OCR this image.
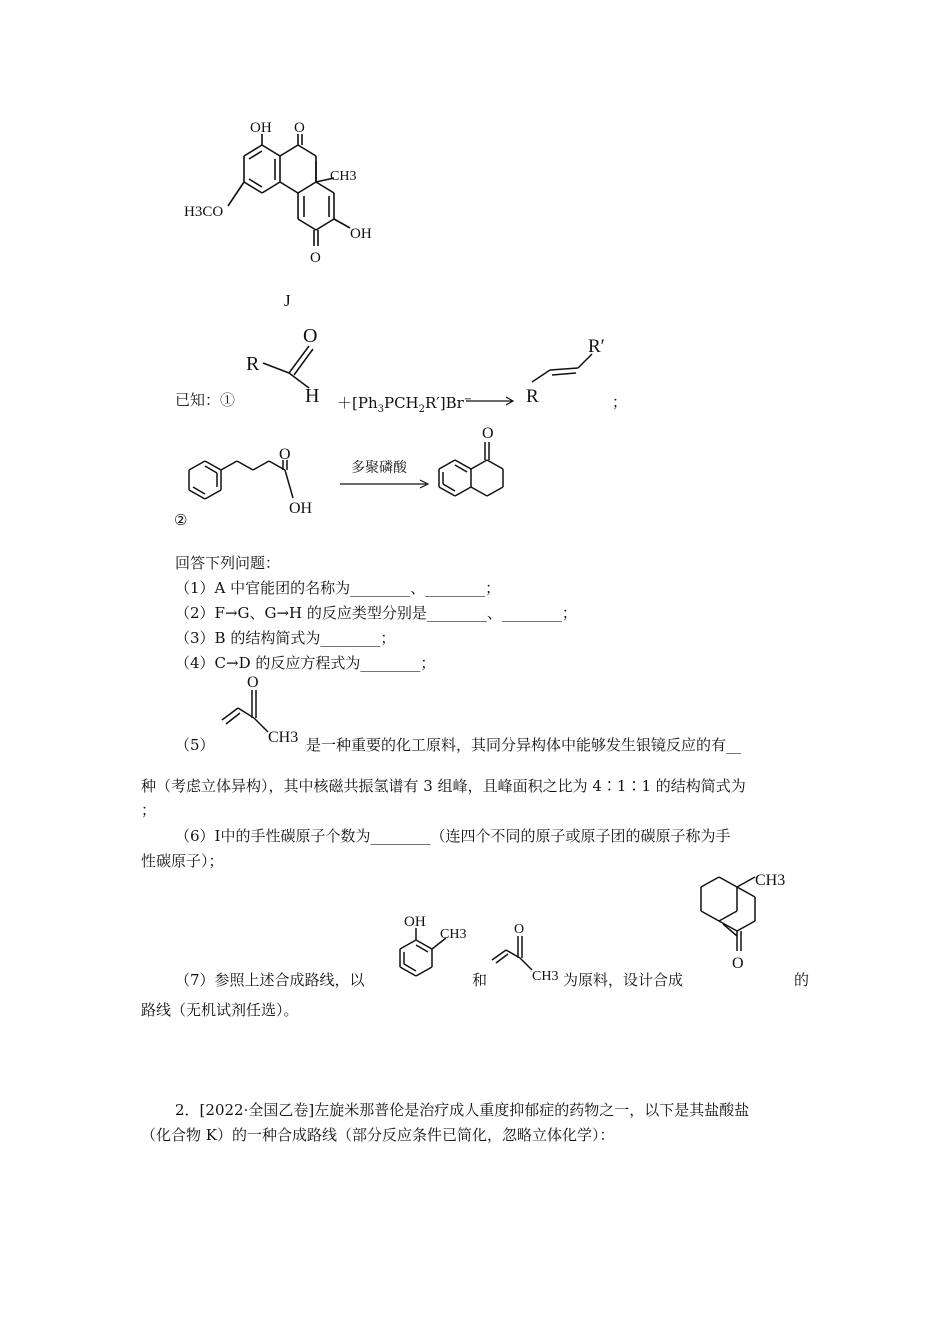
OH O
CH3
H3CO
OH
O
J
已知：①
R
O
$H +[Ph_3PCH_2R']Br^-$
R′
R	；
O
OH
②
多聚磷酸
O
回答下列问题：
（1）A 中官能团的名称为________、________；
（2）F→G、G→H 的反应类型分别是________、________；
（3）B 的结构简式为________；
（4）C→D 的反应方程式为________；
（5）
O
CH3 是一种重要的化工原料，其同分异构体中能够发生银镜反应的有__
种（考虑立体异构），其中核磁共振氢谱有 3 组峰，且峰面积之比为 4∶1∶1 的结构简式为
；
（6）Ⅰ中的手性碳原子个数为________（连四个不同的原子或原子团的碳原子称为手
性碳原子）；
（7）参照上述合成路线，以
OH
CH3
和
O
CH3 为原料，设计合成
CH3
O
的
路线（无机试剂任选）。
2．[2022·全国乙卷]左旋米那普伦是治疗成人重度抑郁症的药物之一，以下是其盐酸盐
（化合物 K）的一种合成路线（部分反应条件已简化，忽略立体化学）：
